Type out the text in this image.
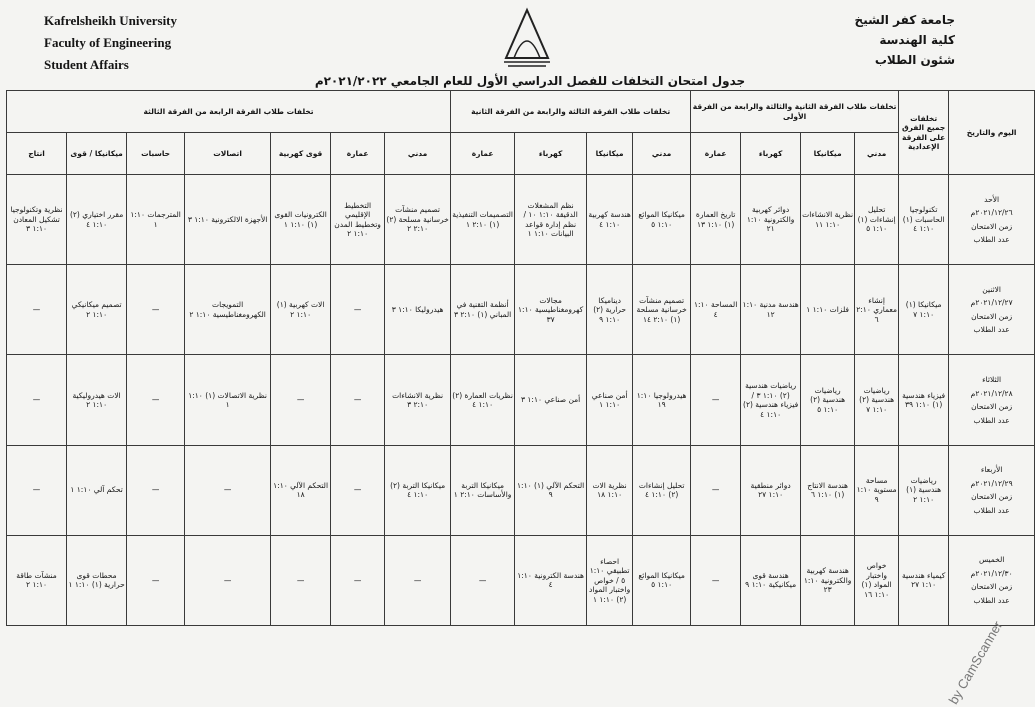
Kafrelsheikh University
Faculty of Engineering
Student Affairs
جامعة كفر الشيخ
كلية الهندسة
شئون الطلاب
جدول امتحان التخلفات للفصل الدراسي الأول للعام الجامعي ٢٠٢١/٢٠٢٢م
اليوم والتاريخ	تخلفات جميع الفرق على الفرقة الإعدادية	تخلفات طلاب الفرقة الثانية والثالثة والرابعة من الفرقة الأولى				تخلفات طلاب الفرقة الثالثة والرابعة من الفرقة الثانية				تخلفات طلاب الفرقة الرابعة من الفرقة الثالثة						
		مدني	ميكانيكا	كهرباء	عمارة	مدني	ميكانيكا	كهرباء	عمارة	مدني	عمارة	قوى كهربية	اتصالات	حاسبات	ميكانيكا / قوى	انتاج

الأحد
٢٠٢١/١٢/٢٦م
زمن الامتحان
عدد الطلاب	تكنولوجيا الحاسبات (١) ١:١٠ ٤	تحليل إنشاءات (١) ١:١٠ ٥	نظرية الانشاءات ١:١٠ ١١	دوائر كهربية والكترونية ١:١٠ ٢١	تاريخ العمارة (١) ١:١٠ ١٣	ميكانيكا الموائع ١:١٠ ٥	هندسة كهربية ١:١٠ ٤	نظم المشغلات الدقيقة ١:١٠ ١٠ / نظم إدارة قواعد البيانات ١:١٠ ١	التصميمات التنفيذية (١) ٢:١٠ ١	تصميم منشآت خرسانية مسلحة (٢) ٢:١٠ ٢	التخطيط الإقليمي وتخطيط المدن ١:١٠ ٢	الكترونيات القوى (١) ١:١٠ ١	الأجهزة الالكترونية ١:١٠ ٣	المترجمات ١:١٠ ١	مقرر اختياري (٢) ١:١٠ ٤	نظرية وتكنولوجيا تشكيل المعادن ١:١٠ ٣

الاثنين
٢٠٢١/١٢/٢٧م
زمن الامتحان
عدد الطلاب	ميكانيكا (١) ١:١٠ ٧	إنشاء معماري ٢:١٠ ٦	فلزات ١:١٠ ١	هندسة مدنية ١:١٠ ١٢	المساحة ١:١٠ ٤	تصميم منشآت خرسانية مسلحة (١) ٢:١٠ ١٤	ديناميكا حرارية (٢) ١:١٠ ٩	مجالات كهرومغناطيسية ١:١٠ ٣٧	أنظمة التقنية في المباني (١) ٢:١٠ ٣	هيدروليكا ١:١٠ ٣	—	الات كهربية (١) ١:١٠ ٢	التمويجات الكهرومغناطيسية ١:١٠ ٢	—	تصميم ميكانيكي ١:١٠ ٢	—

الثلاثاء
٢٠٢١/١٢/٢٨م
زمن الامتحان
عدد الطلاب	فيزياء هندسية (١) ١:١٠ ٣٩	رياضيات هندسية (٢) ١:١٠ ٧	رياضيات هندسية (٢) ١:١٠ ٥	رياضيات هندسية (٢) ١:١٠ ٣ / فيزياء هندسية (٢) ١:١٠ ٤	—	هيدرولوجيا ١:١٠ ١٩	أمن صناعي ١:١٠ ١	أمن صناعي ١:١٠ ٣	نظريات العمارة (٢) ١:١٠ ٤	نظرية الانشاءات ٢:١٠ ٣	—	—	نظرية الاتصالات (١) ١:١٠ ١	—	الات هيدروليكية ١:١٠ ٢	—

الأربعاء
٢٠٢١/١٢/٢٩م
زمن الامتحان
عدد الطلاب	رياضيات هندسية (١) ١:١٠ ٢	مساحة مستوية ١:١٠ ٩	هندسة الانتاج (١) ١:١٠ ٦	دوائر منطقية ١:١٠ ٢٧	—	تحليل إنشاءات (٢) ١:١٠ ٤	نظرية الات ١:١٠ ١٨	التحكم الآلي (١) ١:١٠ ٩	ميكانيكا التربة والأساسات ٢:١٠ ١	ميكانيكا التربة (٢) ١:١٠ ٤	—	التحكم الآلي ١:١٠ ١٨	—	—	تحكم آلي ١:١٠ ١	—

الخميس
٢٠٢١/١٢/٣٠م
زمن الامتحان
عدد الطلاب	كيمياء هندسية ١:١٠ ٢٧	خواص واختبار المواد (١) ١:١٠ ١٦	هندسة كهربية والكترونية ١:١٠ ٢٣	هندسة قوى ميكانيكية ١:١٠ ٩	—	ميكانيكا الموائع ١:١٠ ٥	احصاء تطبيقي ١:١٠ ٥ / خواص واختبار المواد (٢) ١:١٠ ١	هندسة الكترونية ١:١٠ ٤	—	—	—	—	—	—	محطات قوى حرارية (١) ١:١٠ ١	منشآت طاقة ١:١٠ ٢
by CamScanner
